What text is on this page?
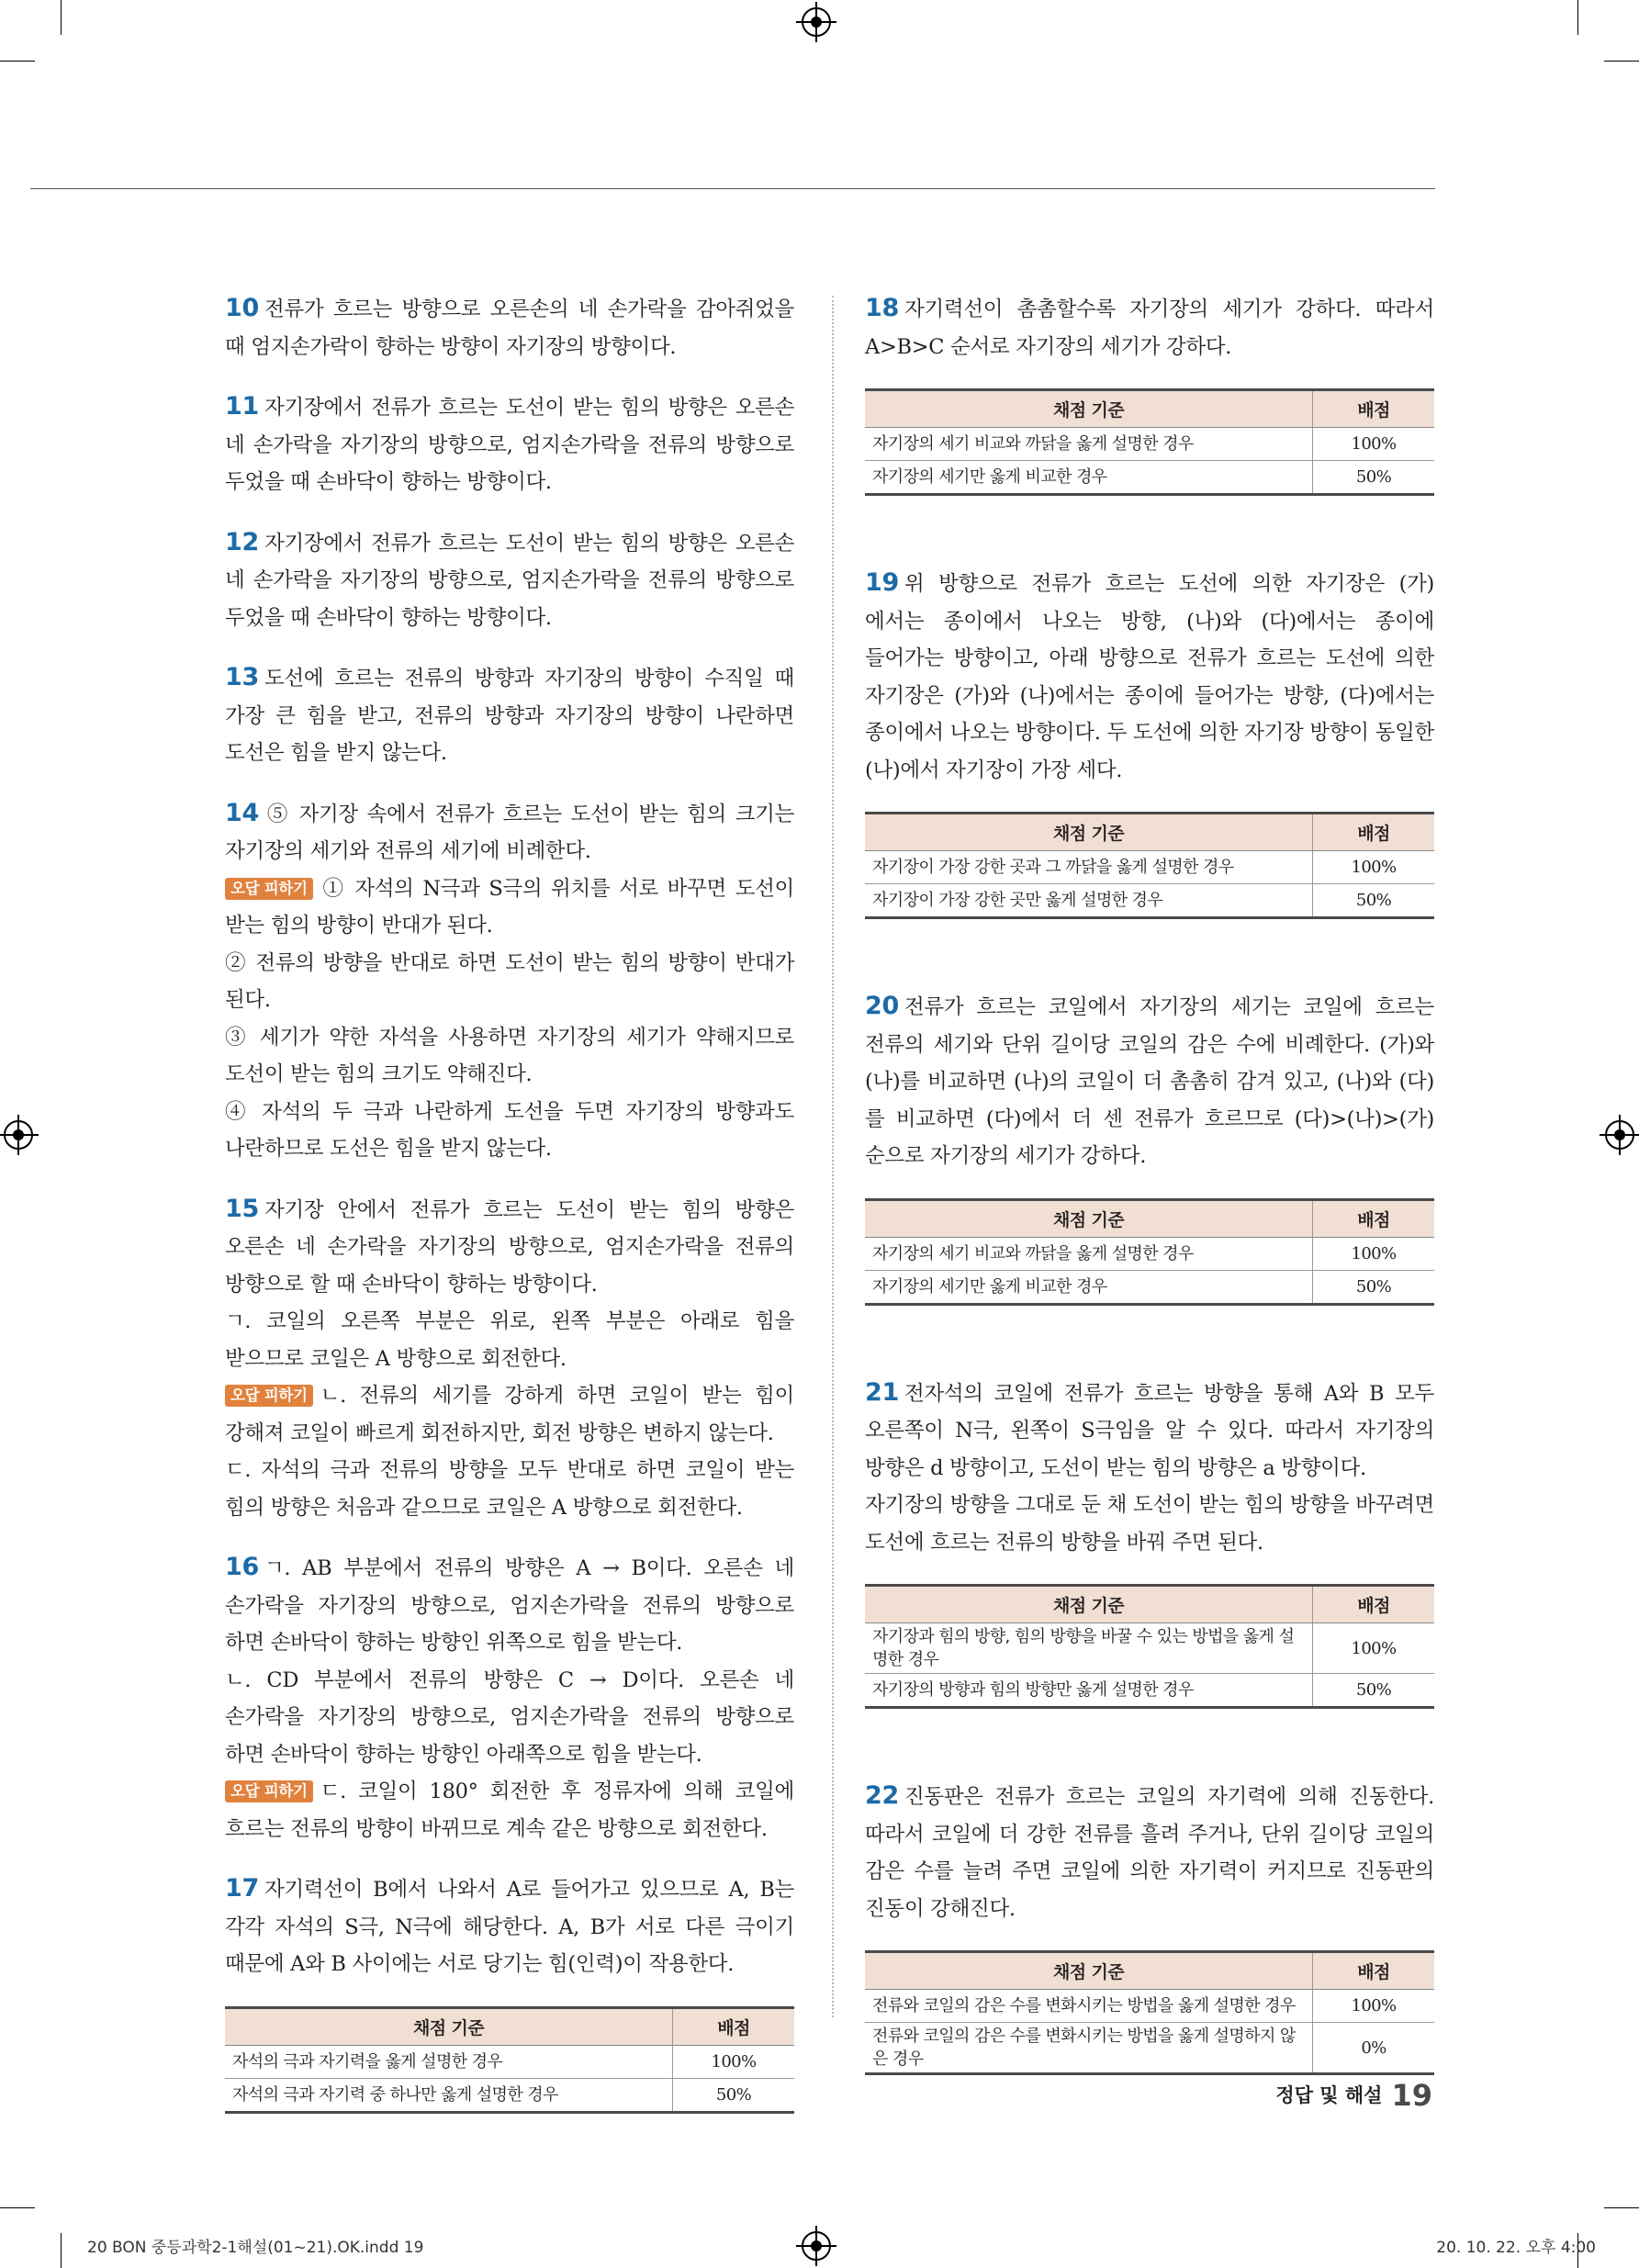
10 전류가 흐르는 방향으로 오른손의 네 손가락을 감아쥐었을 때 엄지손가락이 향하는 방향이 자기장의 방향이다.
11 자기장에서 전류가 흐르는 도선이 받는 힘의 방향은 오른손 네 손가락을 자기장의 방향으로, 엄지손가락을 전류의 방향으로 두었을 때 손바닥이 향하는 방향이다.
12 자기장에서 전류가 흐르는 도선이 받는 힘의 방향은 오른손 네 손가락을 자기장의 방향으로, 엄지손가락을 전류의 방향으로 두었을 때 손바닥이 향하는 방향이다.
13 도선에 흐르는 전류의 방향과 자기장의 방향이 수직일 때 가장 큰 힘을 받고, 전류의 방향과 자기장의 방향이 나란하면 도선은 힘을 받지 않는다.
14 ⑤ 자기장 속에서 전류가 흐르는 도선이 받는 힘의 크기는 자기장의 세기와 전류의 세기에 비례한다.
오답 피하기 ① 자석의 N극과 S극의 위치를 서로 바꾸면 도선이 받는 힘의 방향이 반대가 된다.
② 전류의 방향을 반대로 하면 도선이 받는 힘의 방향이 반대가 된다.
③ 세기가 약한 자석을 사용하면 자기장의 세기가 약해지므로 도선이 받는 힘의 크기도 약해진다.
④ 자석의 두 극과 나란하게 도선을 두면 자기장의 방향과도 나란하므로 도선은 힘을 받지 않는다.
15 자기장 안에서 전류가 흐르는 도선이 받는 힘의 방향은 오른손 네 손가락을 자기장의 방향으로, 엄지손가락을 전류의 방향으로 할 때 손바닥이 향하는 방향이다.
ㄱ. 코일의 오른쪽 부분은 위로, 왼쪽 부분은 아래로 힘을 받으므로 코일은 A 방향으로 회전한다.
오답 피하기 ㄴ. 전류의 세기를 강하게 하면 코일이 받는 힘이 강해져 코일이 빠르게 회전하지만, 회전 방향은 변하지 않는다.
ㄷ. 자석의 극과 전류의 방향을 모두 반대로 하면 코일이 받는 힘의 방향은 처음과 같으므로 코일은 A 방향으로 회전한다.
16 ㄱ. AB 부분에서 전류의 방향은 A → B이다. 오른손 네 손가락을 자기장의 방향으로, 엄지손가락을 전류의 방향으로 하면 손바닥이 향하는 방향인 위쪽으로 힘을 받는다.
ㄴ. CD 부분에서 전류의 방향은 C → D이다. 오른손 네 손가락을 자기장의 방향으로, 엄지손가락을 전류의 방향으로 하면 손바닥이 향하는 방향인 아래쪽으로 힘을 받는다.
오답 피하기 ㄷ. 코일이 180° 회전한 후 정류자에 의해 코일에 흐르는 전류의 방향이 바뀌므로 계속 같은 방향으로 회전한다.
17 자기력선이 B에서 나와서 A로 들어가고 있으므로 A, B는 각각 자석의 S극, N극에 해당한다. A, B가 서로 다른 극이기 때문에 A와 B 사이에는 서로 당기는 힘(인력)이 작용한다.
채점 기준	배점
자석의 극과 자기력을 옳게 설명한 경우	100%
자석의 극과 자기력 중 하나만 옳게 설명한 경우	50%
18 자기력선이 촘촘할수록 자기장의 세기가 강하다. 따라서 A>B>C 순서로 자기장의 세기가 강하다.
채점 기준	배점
자기장의 세기 비교와 까닭을 옳게 설명한 경우	100%
자기장의 세기만 옳게 비교한 경우	50%
19 위 방향으로 전류가 흐르는 도선에 의한 자기장은 (가)에서는 종이에서 나오는 방향, (나)와 (다)에서는 종이에 들어가는 방향이고, 아래 방향으로 전류가 흐르는 도선에 의한 자기장은 (가)와 (나)에서는 종이에 들어가는 방향, (다)에서는 종이에서 나오는 방향이다. 두 도선에 의한 자기장 방향이 동일한 (나)에서 자기장이 가장 세다.
채점 기준	배점
자기장이 가장 강한 곳과 그 까닭을 옳게 설명한 경우	100%
자기장이 가장 강한 곳만 옳게 설명한 경우	50%
20 전류가 흐르는 코일에서 자기장의 세기는 코일에 흐르는 전류의 세기와 단위 길이당 코일의 감은 수에 비례한다. (가)와 (나)를 비교하면 (나)의 코일이 더 촘촘히 감겨 있고, (나)와 (다)를 비교하면 (다)에서 더 센 전류가 흐르므로 (다)>(나)>(가) 순으로 자기장의 세기가 강하다.
채점 기준	배점
자기장의 세기 비교와 까닭을 옳게 설명한 경우	100%
자기장의 세기만 옳게 비교한 경우	50%
21 전자석의 코일에 전류가 흐르는 방향을 통해 A와 B 모두 오른쪽이 N극, 왼쪽이 S극임을 알 수 있다. 따라서 자기장의 방향은 d 방향이고, 도선이 받는 힘의 방향은 a 방향이다.
자기장의 방향을 그대로 둔 채 도선이 받는 힘의 방향을 바꾸려면 도선에 흐르는 전류의 방향을 바꿔 주면 된다.
채점 기준	배점
자기장과 힘의 방향, 힘의 방향을 바꿀 수 있는 방법을 옳게 설명한 경우	100%
자기장의 방향과 힘의 방향만 옳게 설명한 경우	50%
22 진동판은 전류가 흐르는 코일의 자기력에 의해 진동한다. 따라서 코일에 더 강한 전류를 흘려 주거나, 단위 길이당 코일의 감은 수를 늘려 주면 코일에 의한 자기력이 커지므로 진동판의 진동이 강해진다.
채점 기준	배점
전류와 코일의 감은 수를 변화시키는 방법을 옳게 설명한 경우	100%
전류와 코일의 감은 수를 변화시키는 방법을 옳게 설명하지 않은 경우	0%
정답 및 해설 19
20 BON 중등과학2-1해설(01~21).OK.indd 19	20. 10. 22. 오후 4:00
